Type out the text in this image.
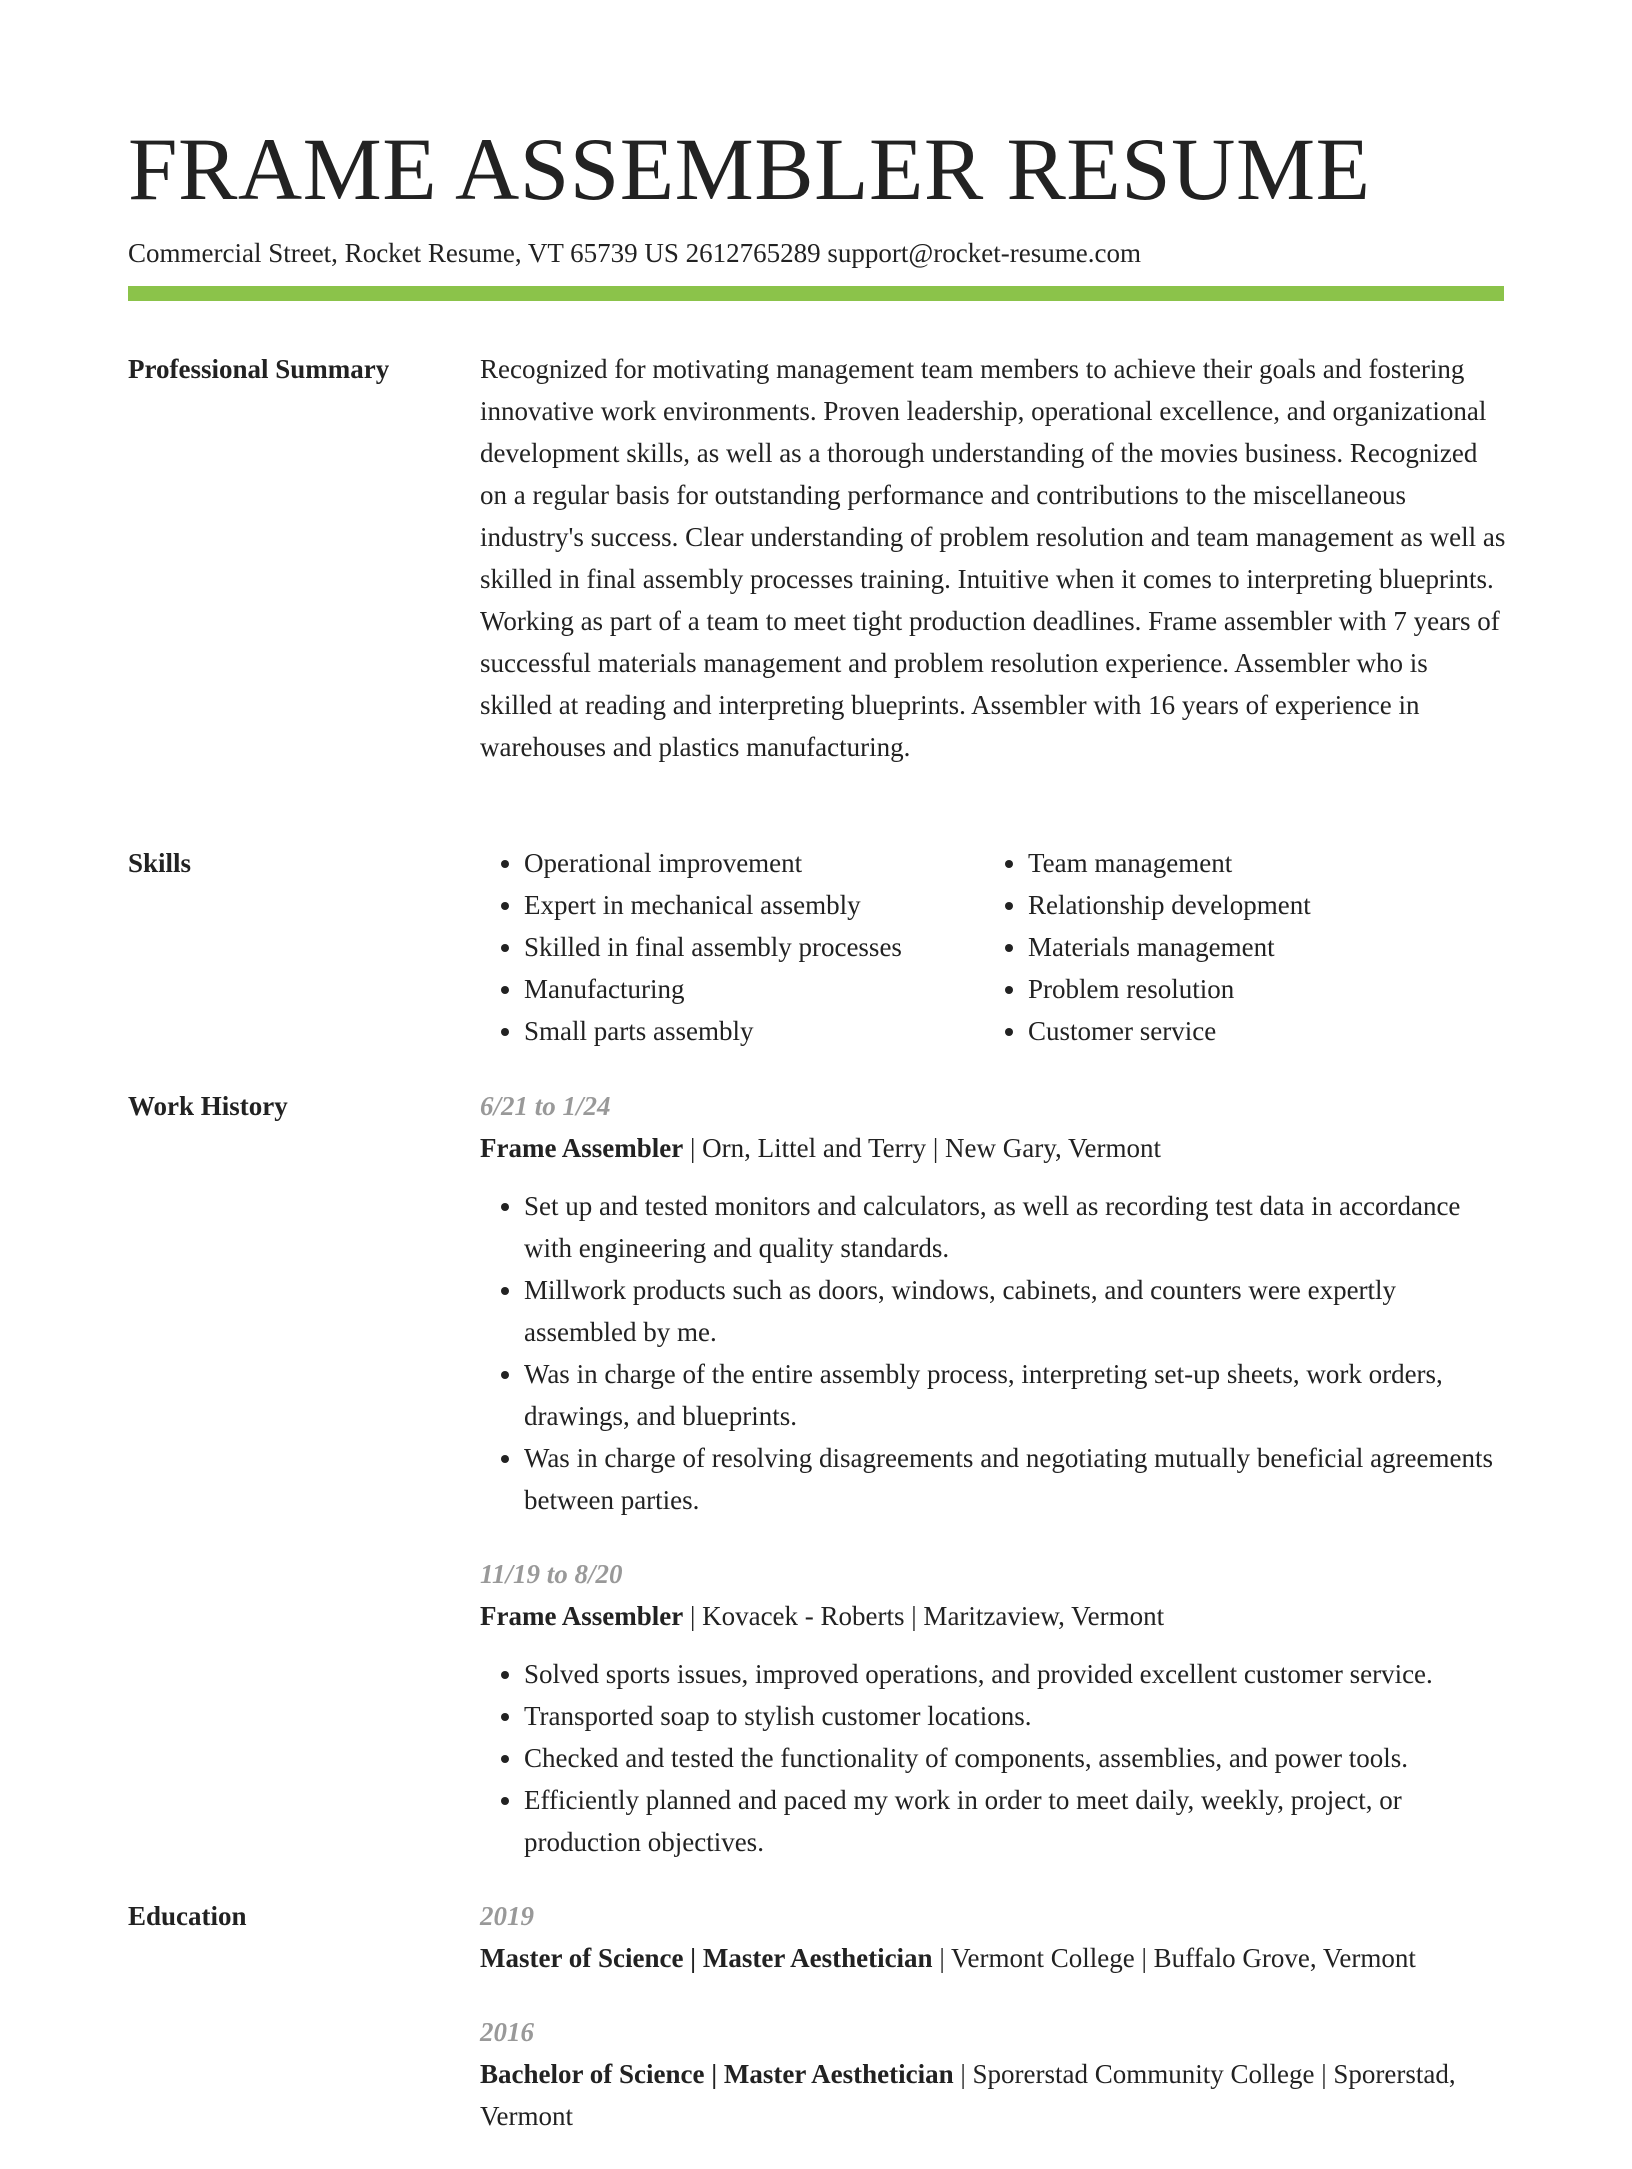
FRAME ASSEMBLER RESUME
Commercial Street, Rocket Resume, VT 65739 US 2612765289 support@rocket-resume.com
Professional Summary	Recognized for motivating management team members to achieve their goals and fostering innovative work environments. Proven leadership, operational excellence, and organizational development skills, as well as a thorough understanding of the movies business. Recognized on a regular basis for outstanding performance and contributions to the miscellaneous industry's success. Clear understanding of problem resolution and team management as well as skilled in final assembly processes training. Intuitive when it comes to interpreting blueprints. Working as part of a team to meet tight production deadlines. Frame assembler with 7 years of successful materials management and problem resolution experience. Assembler who is skilled at reading and interpreting blueprints. Assembler with 16 years of experience in warehouses and plastics manufacturing.

Skills
•	Operational improvement
• Expert in mechanical assembly
• Skilled in final assembly processes
• Manufacturing
• Small parts assembly
• Team management
• Relationship development
• Materials management
• Problem resolution
• Customer service
Work History	6/21 to 1/24
Frame Assembler | Orn, Littel and Terry | New Gary, Vermont
• Set up and tested monitors and calculators, as well as recording test data in accordance with engineering and quality standards.
• Millwork products such as doors, windows, cabinets, and counters were expertly assembled by me.
• Was in charge of the entire assembly process, interpreting set-up sheets, work orders, drawings, and blueprints.
• Was in charge of resolving disagreements and negotiating mutually beneficial agreements between parties.
11/19 to 8/20
Frame Assembler | Kovacek - Roberts | Maritzaview, Vermont
• Solved sports issues, improved operations, and provided excellent customer service.
• Transported soap to stylish customer locations.
• Checked and tested the functionality of components, assemblies, and power tools.
• Efficiently planned and paced my work in order to meet daily, weekly, project, or production objectives.
Education	2019
Master of Science | Master Aesthetician | Vermont College | Buffalo Grove, Vermont
2016
Bachelor of Science | Master Aesthetician | Sporerstad Community College | Sporerstad, Vermont
